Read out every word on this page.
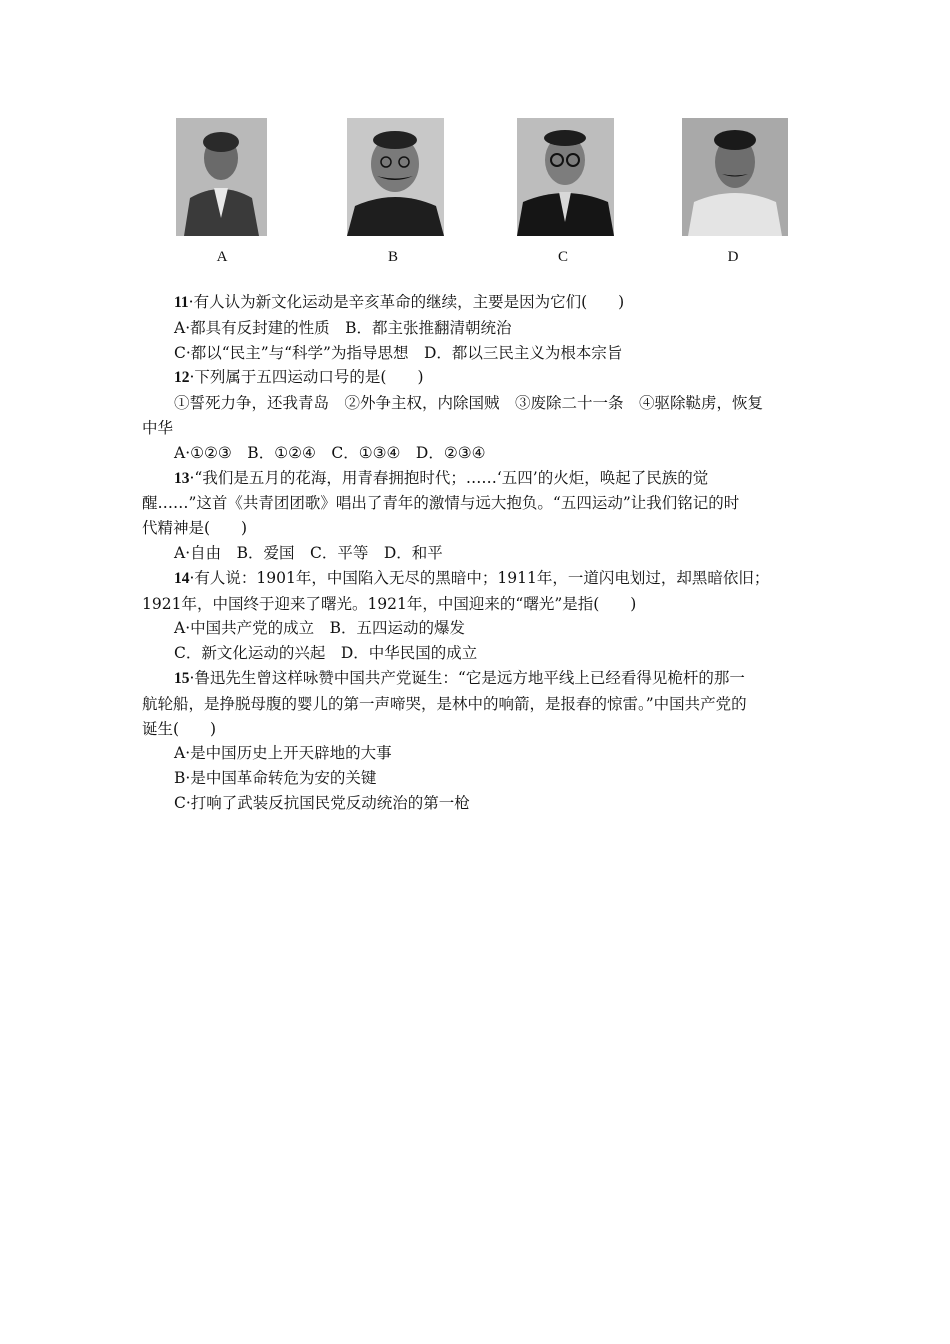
A	B	C	D
11·有人认为新文化运动是辛亥革命的继续，主要是因为它们(　　)
A·都具有反封建的性质　B．都主张推翻清朝统治
C·都以“民主”与“科学”为指导思想　D．都以三民主义为根本宗旨
12·下列属于五四运动口号的是(　　)
①誓死力争，还我青岛　②外争主权，内除国贼　③废除二十一条　④驱除鞑虏，恢复
中华
A·①②③　B．①②④　C．①③④　D．②③④
13·“我们是五月的花海，用青春拥抱时代；……‘五四’的火炬，唤起了民族的觉
醒……”这首《共青团团歌》唱出了青年的激情与远大抱负。“五四运动”让我们铭记的时
代精神是(　　)
A·自由　B．爱国　C．平等　D．和平
14·有人说：1901年，中国陷入无尽的黑暗中；1911年，一道闪电划过，却黑暗依旧；
1921年，中国终于迎来了曙光。1921年，中国迎来的“曙光”是指(　　)
A·中国共产党的成立　B．五四运动的爆发
C．新文化运动的兴起　D．中华民国的成立
15·鲁迅先生曾这样咏赞中国共产党诞生：“它是远方地平线上已经看得见桅杆的那一
航轮船，是挣脱母腹的婴儿的第一声啼哭，是林中的响箭，是报春的惊雷。”中国共产党的
诞生(　　)
A·是中国历史上开天辟地的大事
B·是中国革命转危为安的关键
C·打响了武装反抗国民党反动统治的第一枪
